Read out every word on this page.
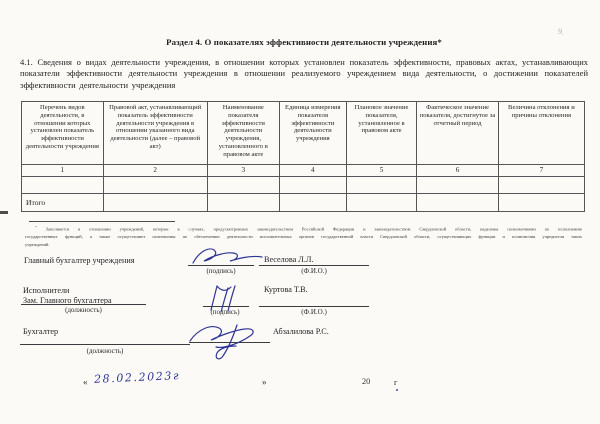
Раздел 4. О показателях эффективности деятельности учреждения*
9.
4.1. Сведения о видах деятельности учреждения, в отношении которых установлен показатель эффективности, правовых актах, устанавливающих
показатели эффективности деятельности учреждения в отношении реализуемого учреждением вида деятельности, о достижении показателей
эффективности деятельности учреждения
Перечень видов деятельности, в отношении которых установлен показатель эффективности деятельности учреждения	Правовой акт, устанавливающий показатель эффективности деятельности учреждения в отношении указанного вида деятельности (далее – правовой акт)	Наименование показателя эффективности деятельности учреждения, установленного в правовом акте	Единица измерения показателя эффективности деятельности учреждения	Плановое значение показателя, установленное в правовом акте	Фактическое значение показателя, достигнутое за отчетный период	Величина отклонения и причины отклонения
1	2	3	4	5	6	7

Итого						
* Заполняется в отношении учреждений, которые в случаях, предусмотренных законодательством Российской Федерации и законодательством Свердловской области, наделены полномочиями по исполнению
государственных функций, а также осуществляют полномочия по обеспечению деятельности исполнительных органов государственной власти Свердловской области, осуществляющих функции и полномочия учредителя таких
учреждений.
Главный бухгалтер учреждения
(подпись)
Веселова Л.Л.
(Ф.И.О.)
Исполнители
Зам. Главного бухгалтера
(должность)	(подпись)
Куртова Т.В.
(Ф.И.О.)
Бухгалтер
(должность)
Абзалилова Р.С.
« 28.02.2023г	»	20	г
